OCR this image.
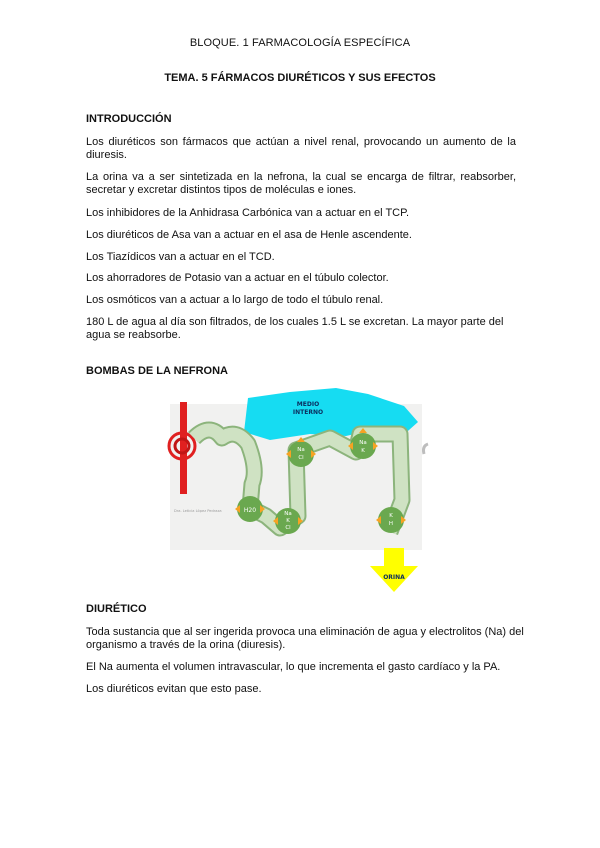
BLOQUE. 1 FARMACOLOGÍA ESPECÍFICA
TEMA. 5 FÁRMACOS DIURÉTICOS Y SUS EFECTOS
INTRODUCCIÓN
Los diuréticos son fármacos que actúan a nivel renal, provocando un aumento de la diuresis.
La orina va a ser sintetizada en la nefrona, la cual se encarga de filtrar, reabsorber, secretar y excretar distintos tipos de moléculas e iones.
Los inhibidores de la Anhidrasa Carbónica van a actuar en el TCP.
Los diuréticos de Asa van a actuar en el asa de Henle ascendente.
Los Tiazídicos van a actuar en el TCD.
Los ahorradores de Potasio van a actuar en el túbulo colector.
Los osmóticos van a actuar a lo largo de todo el túbulo renal.
180 L de agua al día son filtrados, de los cuales 1.5 L se excretan. La mayor parte del agua se reabsorbe.
BOMBAS DE LA NEFRONA
MEDIO
INTERNO
H20	Na
K
Cl
Na
Cl
Na
K
K
H
Dra. Leticia López Pedraza
ORINA
DIURÉTICO
Toda sustancia que al ser ingerida provoca una eliminación de agua y electrolitos (Na) del organismo a través de la orina (diuresis).
El Na aumenta el volumen intravascular, lo que incrementa el gasto cardíaco y la PA.
Los diuréticos evitan que esto pase.
